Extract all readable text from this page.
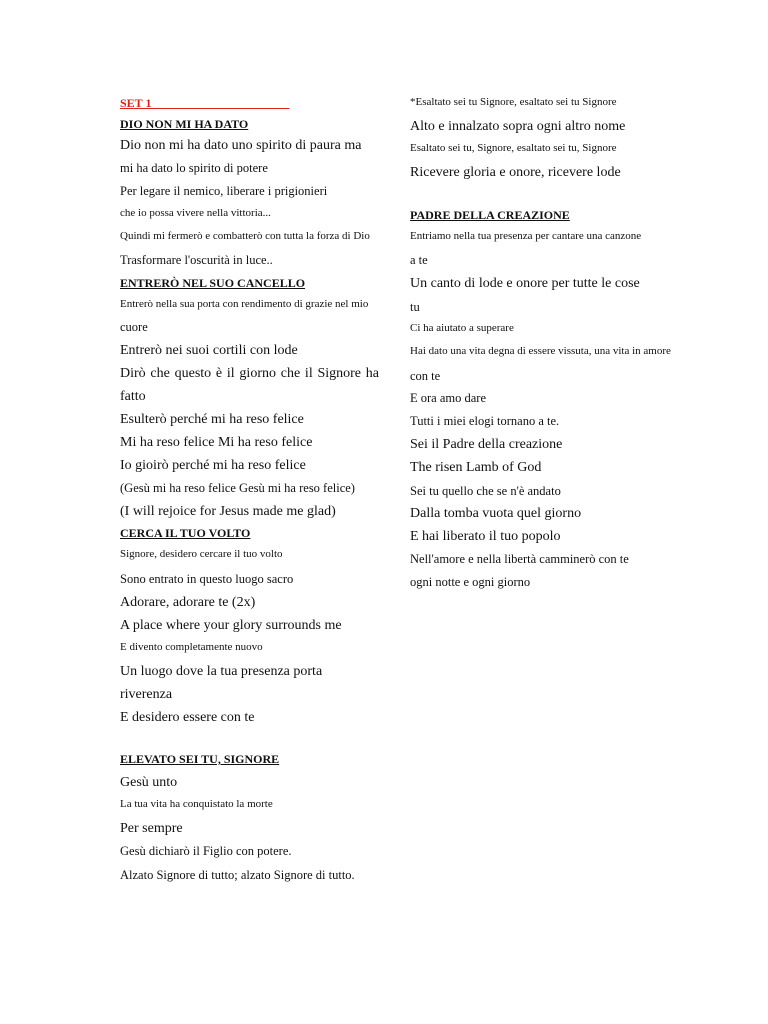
SET 1
DIO NON MI HA DATO
Dio non mi ha dato uno spirito di paura ma
mi ha dato lo spirito di potere
Per legare il nemico, liberare i prigionieri
che io possa vivere nella vittoria...
Quindi mi fermerò e combatterò con tutta la forza di Dio
Trasformare l'oscurità in luce..
ENTRERÒ NEL SUO CANCELLO
Entrerò nella sua porta con rendimento di grazie nel mio
cuore
Entrerò nei suoi cortili con lode
Dirò che questo è il giorno che il Signore ha
fatto
Esulterò perché mi ha reso felice
Mi ha reso felice Mi ha reso felice
Io gioirò perché mi ha reso felice
(Gesù mi ha reso felice Gesù mi ha reso felice)
(I will rejoice for Jesus made me glad)
CERCA IL TUO VOLTO
Signore, desidero cercare il tuo volto
Sono entrato in questo luogo sacro
Adorare, adorare te (2x)
A place where your glory surrounds me
E divento completamente nuovo
Un luogo dove la tua presenza porta
riverenza
E desidero essere con te
ELEVATO SEI TU, SIGNORE
Gesù unto
La tua vita ha conquistato la morte
Per sempre
Gesù dichiarò il Figlio con potere.
Alzato Signore di tutto; alzato Signore di tutto.
*Esaltato sei tu Signore, esaltato sei tu Signore
Alto e innalzato sopra ogni altro nome
Esaltato sei tu, Signore, esaltato sei tu, Signore
Ricevere gloria e onore, ricevere lode
PADRE DELLA CREAZIONE
Entriamo nella tua presenza per cantare una canzone
a te
Un canto di lode e onore per tutte le cose
tu
Ci ha aiutato a superare
Hai dato una vita degna di essere vissuta, una vita in amore
con te
E ora amo dare
Tutti i miei elogi tornano a te.
Sei il Padre della creazione
The risen Lamb of God
Sei tu quello che se n'è andato
Dalla tomba vuota quel giorno
E hai liberato il tuo popolo
Nell'amore e nella libertà camminerò con te
ogni notte e ogni giorno
